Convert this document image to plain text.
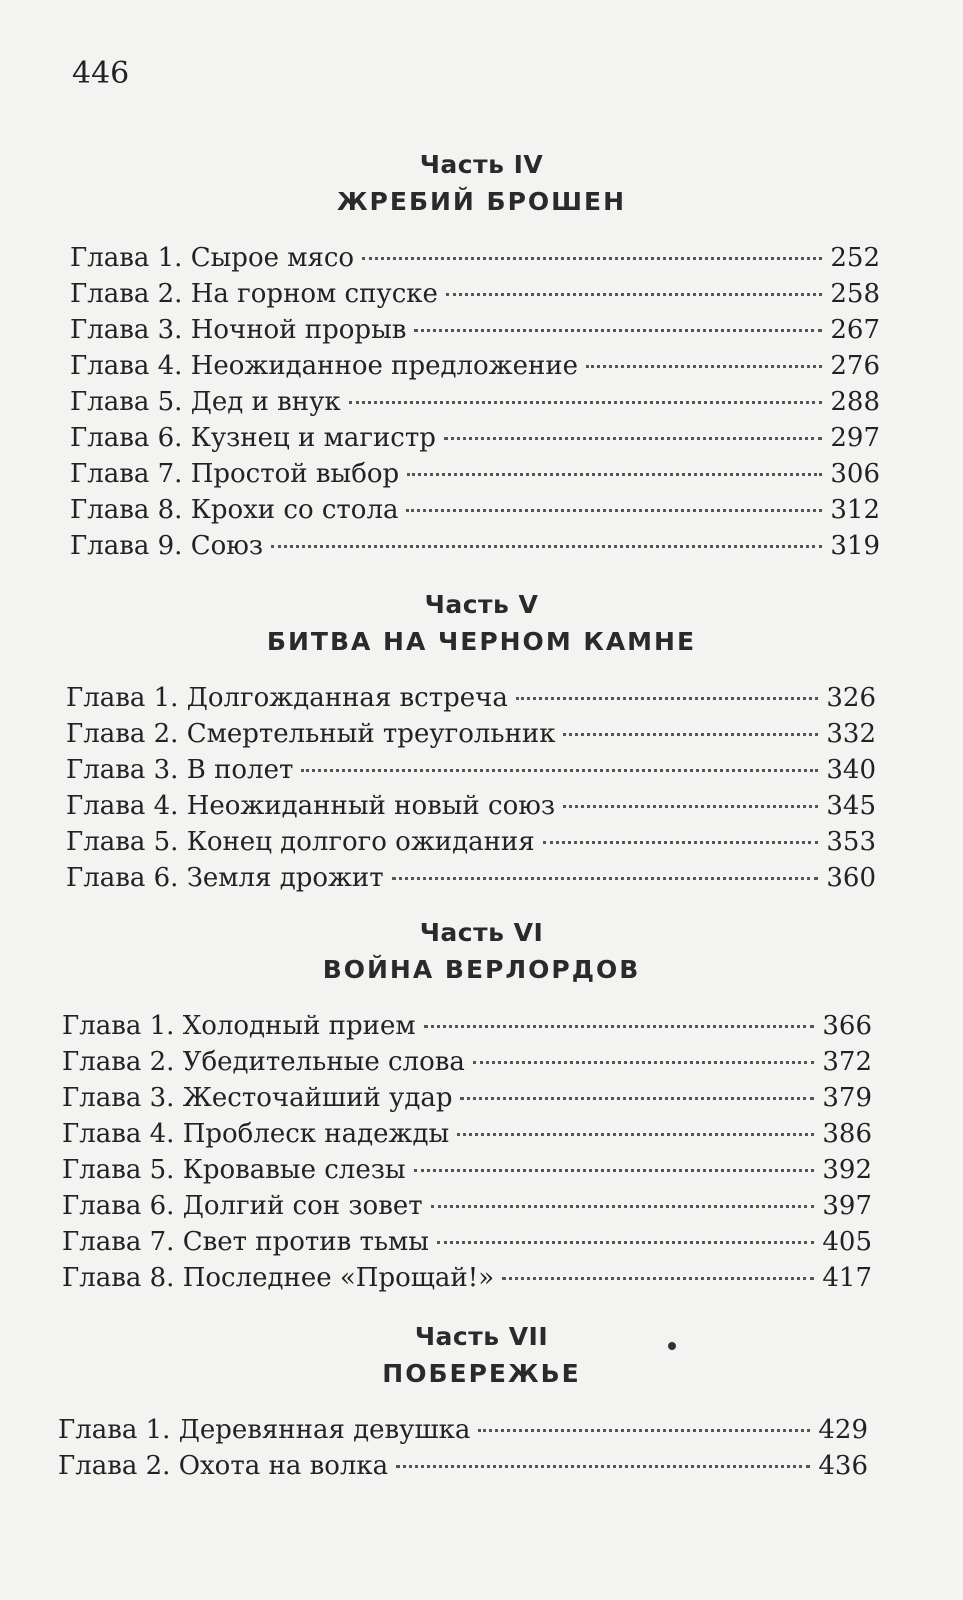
446
Часть IV
ЖРЕБИЙ БРОШЕН
Глава 1. Сырое мясо	252
Глава 2. На горном спуске	258
Глава 3. Ночной прорыв	267
Глава 4. Неожиданное предложение	276
Глава 5. Дед и внук	288
Глава 6. Кузнец и магистр	297
Глава 7. Простой выбор	306
Глава 8. Крохи со стола	312
Глава 9. Союз	319
Часть V
БИТВА НА ЧЕРНОМ КАМНЕ
Глава 1. Долгожданная встреча	326
Глава 2. Смертельный треугольник	332
Глава 3. В полет	340
Глава 4. Неожиданный новый союз	345
Глава 5. Конец долгого ожидания	353
Глава 6. Земля дрожит	360
Часть VI
ВОЙНА ВЕРЛОРДОВ
Глава 1. Холодный прием	366
Глава 2. Убедительные слова	372
Глава 3. Жесточайший удар	379
Глава 4. Проблеск надежды	386
Глава 5. Кровавые слезы	392
Глава 6. Долгий сон зовет	397
Глава 7. Свет против тьмы	405
Глава 8. Последнее «Прощай!»	417
Часть VII
ПОБЕРЕЖЬЕ
Глава 1. Деревянная девушка	429
Глава 2. Охота на волка	436
